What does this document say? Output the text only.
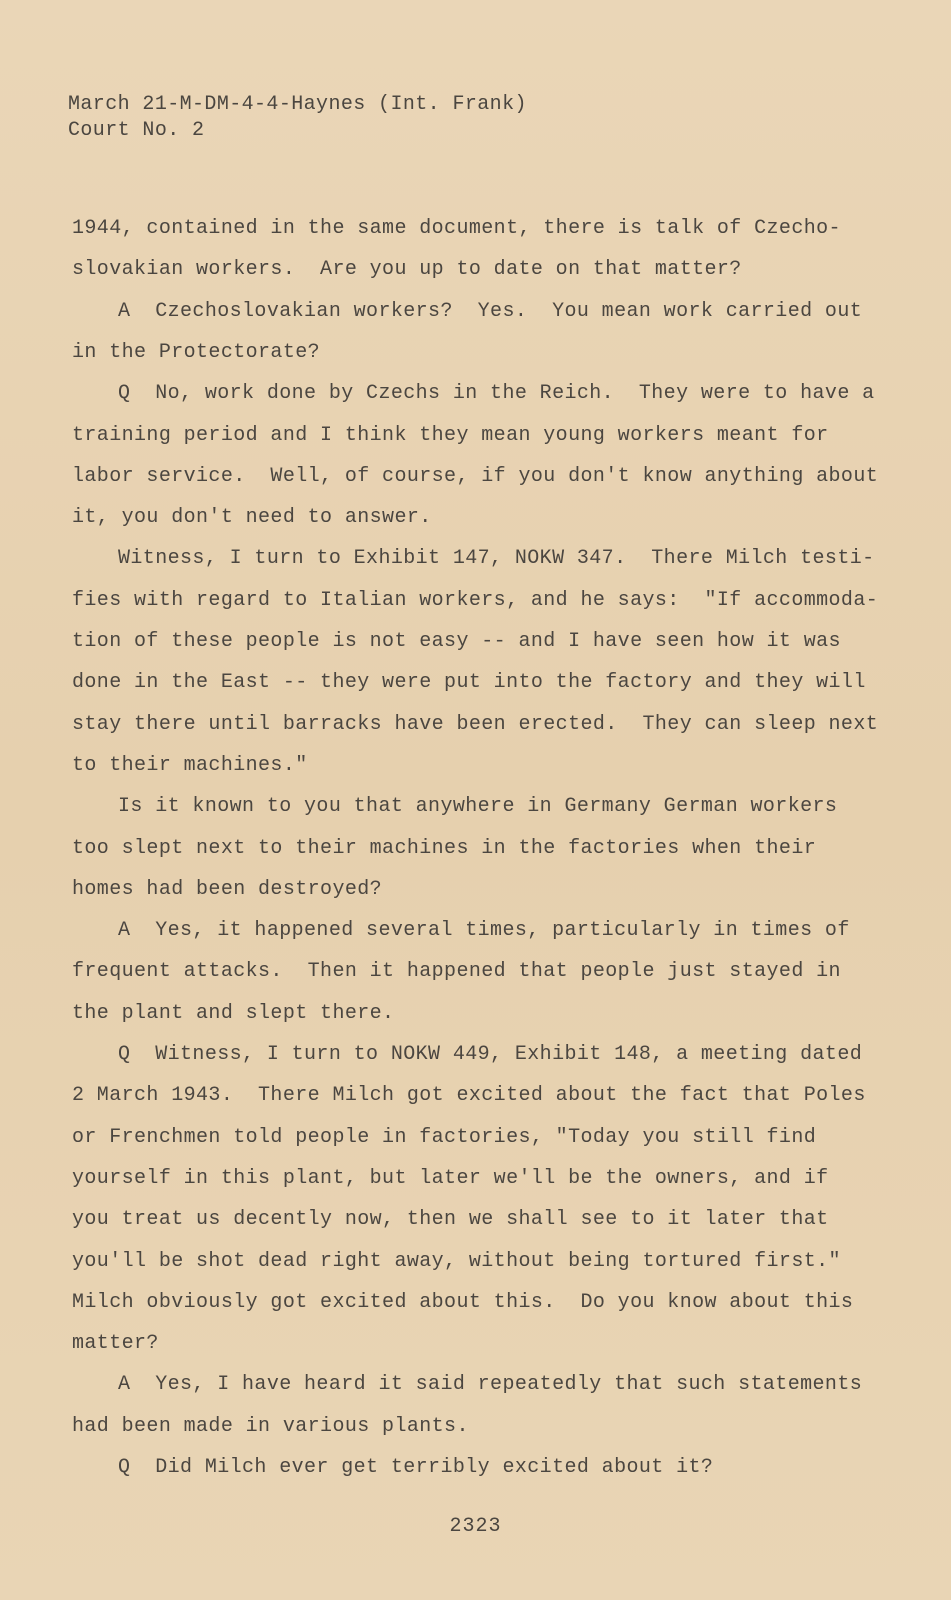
March 21-M-DM-4-4-Haynes (Int. Frank)
Court No. 2
1944, contained in the same document, there is talk of Czecho-
slovakian workers.  Are you up to date on that matter?
A  Czechoslovakian workers?  Yes.  You mean work carried out
in the Protectorate?
Q  No, work done by Czechs in the Reich.  They were to have a
training period and I think they mean young workers meant for
labor service.  Well, of course, if you don't know anything about
it, you don't need to answer.
Witness, I turn to Exhibit 147, NOKW 347.  There Milch testi-
fies with regard to Italian workers, and he says:  "If accommoda-
tion of these people is not easy -- and I have seen how it was
done in the East -- they were put into the factory and they will
stay there until barracks have been erected.  They can sleep next
to their machines."
Is it known to you that anywhere in Germany German workers
too slept next to their machines in the factories when their
homes had been destroyed?
A  Yes, it happened several times, particularly in times of
frequent attacks.  Then it happened that people just stayed in
the plant and slept there.
Q  Witness, I turn to NOKW 449, Exhibit 148, a meeting dated
2 March 1943.  There Milch got excited about the fact that Poles
or Frenchmen told people in factories, "Today you still find
yourself in this plant, but later we'll be the owners, and if
you treat us decently now, then we shall see to it later that
you'll be shot dead right away, without being tortured first."
Milch obviously got excited about this.  Do you know about this
matter?
A  Yes, I have heard it said repeatedly that such statements
had been made in various plants.
Q  Did Milch ever get terribly excited about it?
2323
